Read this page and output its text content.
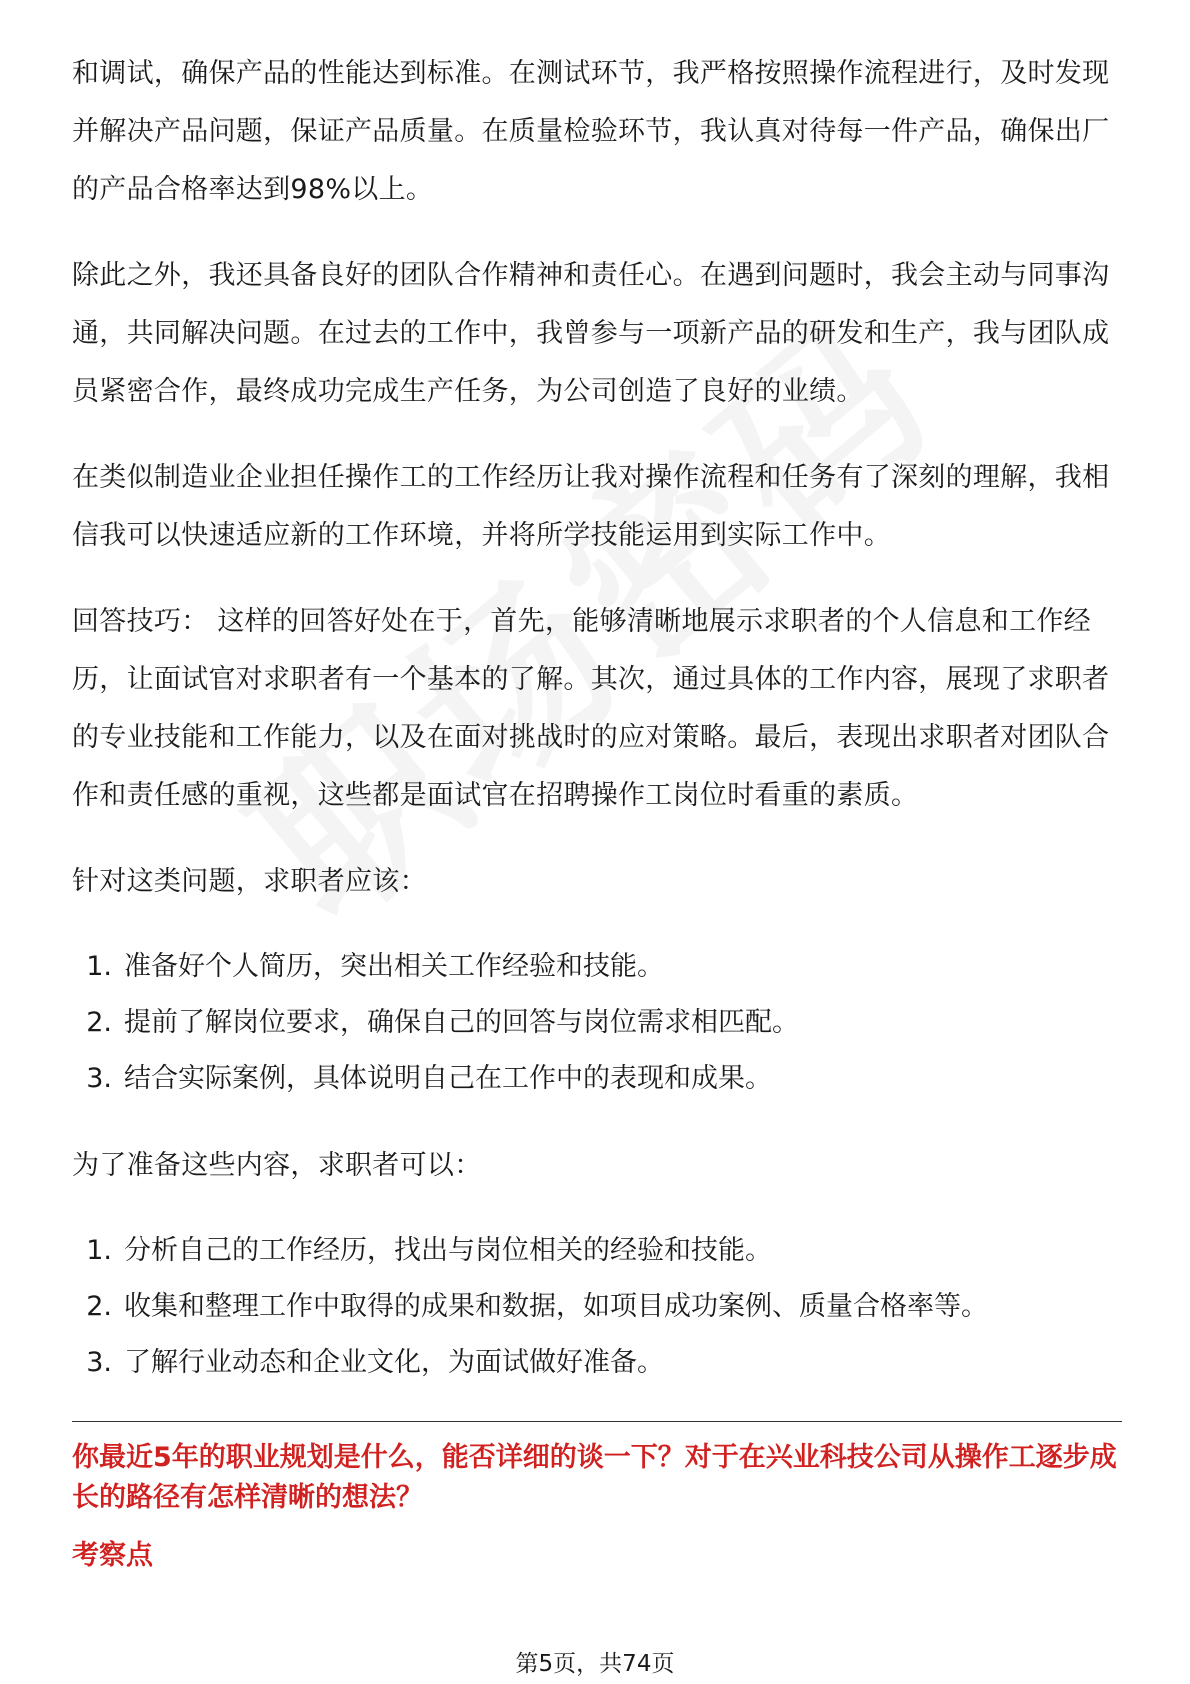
和调试，确保产品的性能达到标准。在测试环节，我严格按照操作流程进行，及时发现并解决产品问题，保证产品质量。在质量检验环节，我认真对待每一件产品，确保出厂的产品合格率达到98%以上。

除此之外，我还具备良好的团队合作精神和责任心。在遇到问题时，我会主动与同事沟通，共同解决问题。在过去的工作中，我曾参与一项新产品的研发和生产，我与团队成员紧密合作，最终成功完成生产任务，为公司创造了良好的业绩。

在类似制造业企业担任操作工的工作经历让我对操作流程和任务有了深刻的理解，我相信我可以快速适应新的工作环境，并将所学技能运用到实际工作中。

回答技巧： 这样的回答好处在于，首先，能够清晰地展示求职者的个人信息和工作经历，让面试官对求职者有一个基本的了解。其次，通过具体的工作内容，展现了求职者的专业技能和工作能力，以及在面对挑战时的应对策略。最后，表现出求职者对团队合作和责任感的重视，这些都是面试官在招聘操作工岗位时看重的素质。

针对这类问题，求职者应该：

1. 准备好个人简历，突出相关工作经验和技能。
2. 提前了解岗位要求，确保自己的回答与岗位需求相匹配。
3. 结合实际案例，具体说明自己在工作中的表现和成果。

为了准备这些内容，求职者可以：

1. 分析自己的工作经历，找出与岗位相关的经验和技能。
2. 收集和整理工作中取得的成果和数据，如项目成功案例、质量合格率等。
3. 了解行业动态和企业文化，为面试做好准备。
你最近5年的职业规划是什么，能否详细的谈一下？对于在兴业科技公司从操作工逐步成长的路径有怎样清晰的想法？
考察点
第5页，共74页
